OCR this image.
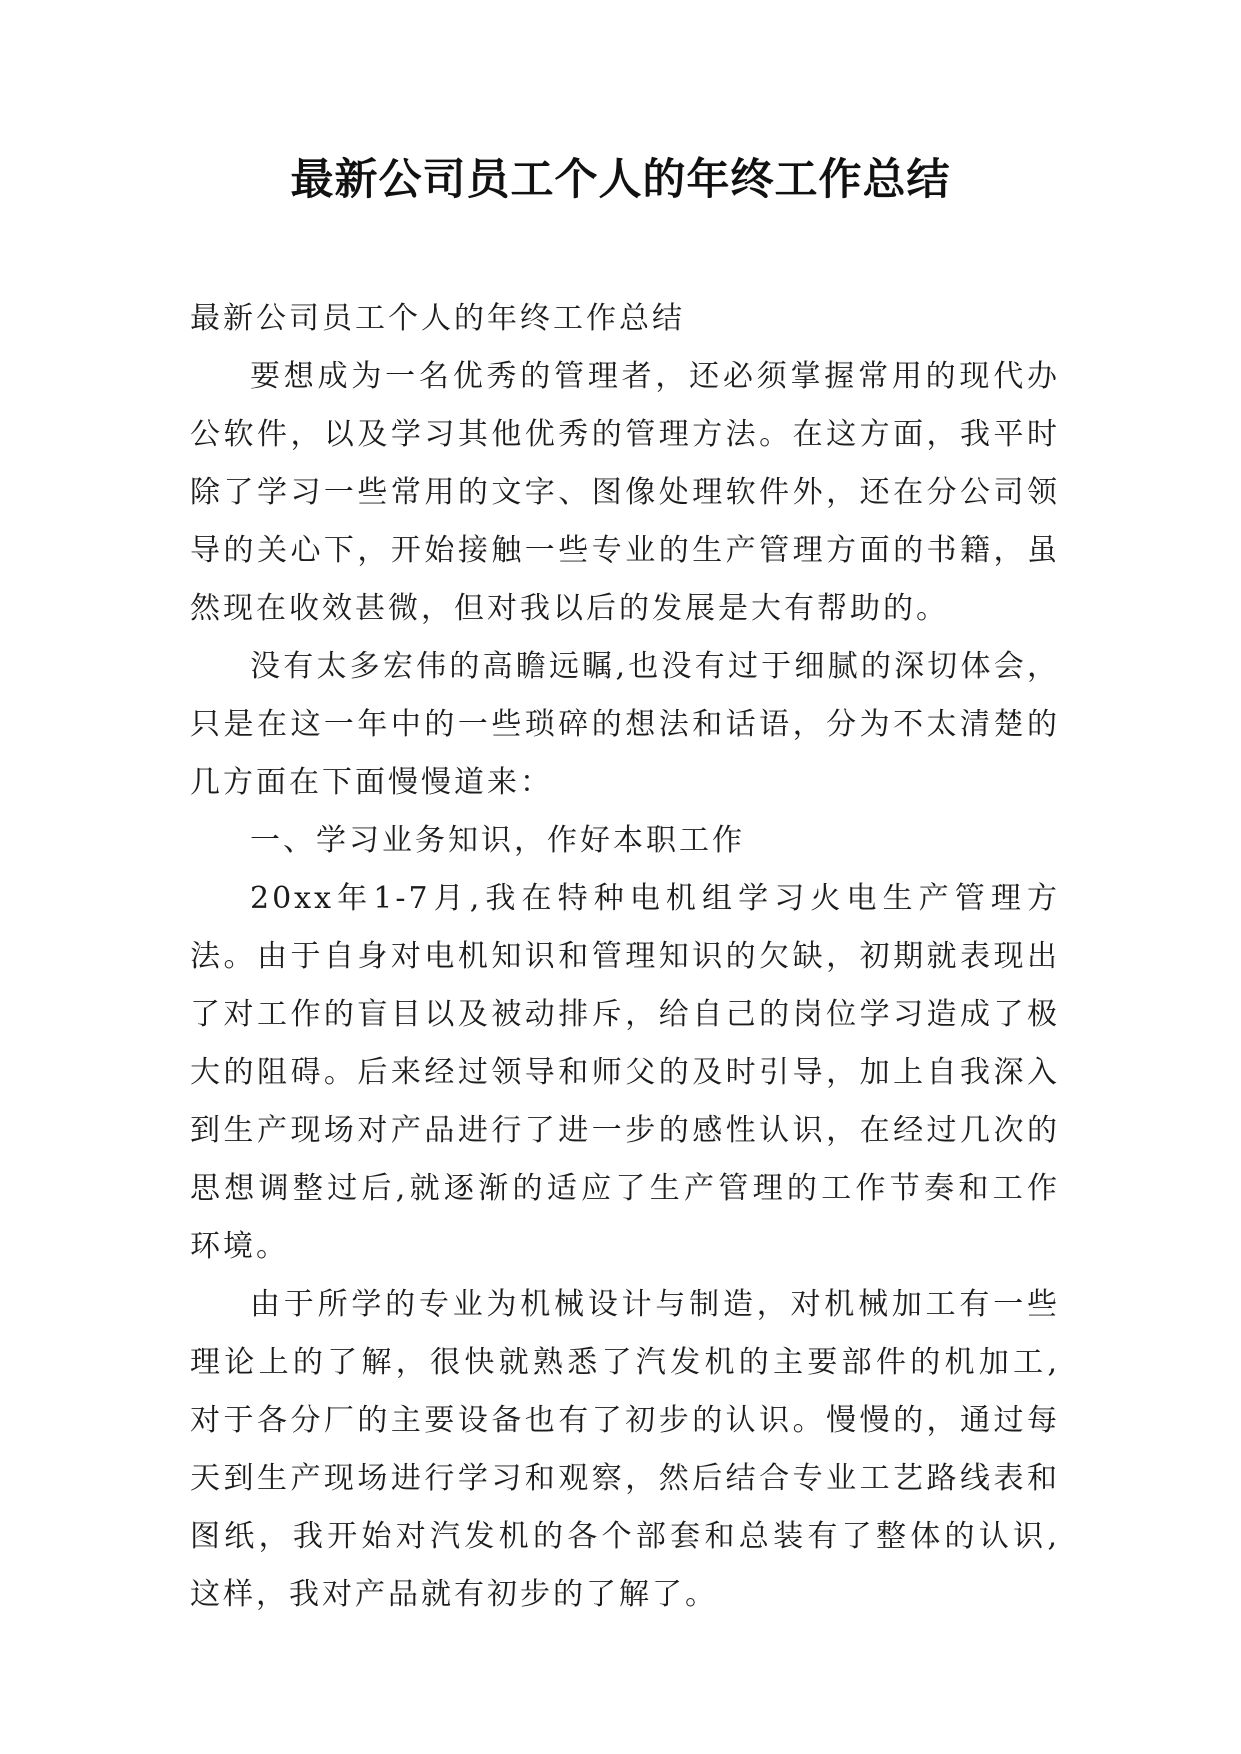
最新公司员工个人的年终工作总结

最新公司员工个人的年终工作总结

要想成为一名优秀的管理者，还必须掌握常用的现代办公软件，以及学习其他优秀的管理方法。在这方面，我平时除了学习一些常用的文字、图像处理软件外，还在分公司领导的关心下，开始接触一些专业的生产管理方面的书籍，虽然现在收效甚微，但对我以后的发展是大有帮助的。

没有太多宏伟的高瞻远瞩,也没有过于细腻的深切体会，只是在这一年中的一些琐碎的想法和话语，分为不太清楚的几方面在下面慢慢道来：

一、学习业务知识，作好本职工作

20xx年1-7月,我在特种电机组学习火电生产管理方法。由于自身对电机知识和管理知识的欠缺，初期就表现出了对工作的盲目以及被动排斥，给自己的岗位学习造成了极大的阻碍。后来经过领导和师父的及时引导，加上自我深入到生产现场对产品进行了进一步的感性认识，在经过几次的思想调整过后,就逐渐的适应了生产管理的工作节奏和工作环境。

由于所学的专业为机械设计与制造，对机械加工有一些理论上的了解，很快就熟悉了汽发机的主要部件的机加工,对于各分厂的主要设备也有了初步的认识。慢慢的，通过每天到生产现场进行学习和观察，然后结合专业工艺路线表和图纸，我开始对汽发机的各个部套和总装有了整体的认识,这样，我对产品就有初步的了解了。
